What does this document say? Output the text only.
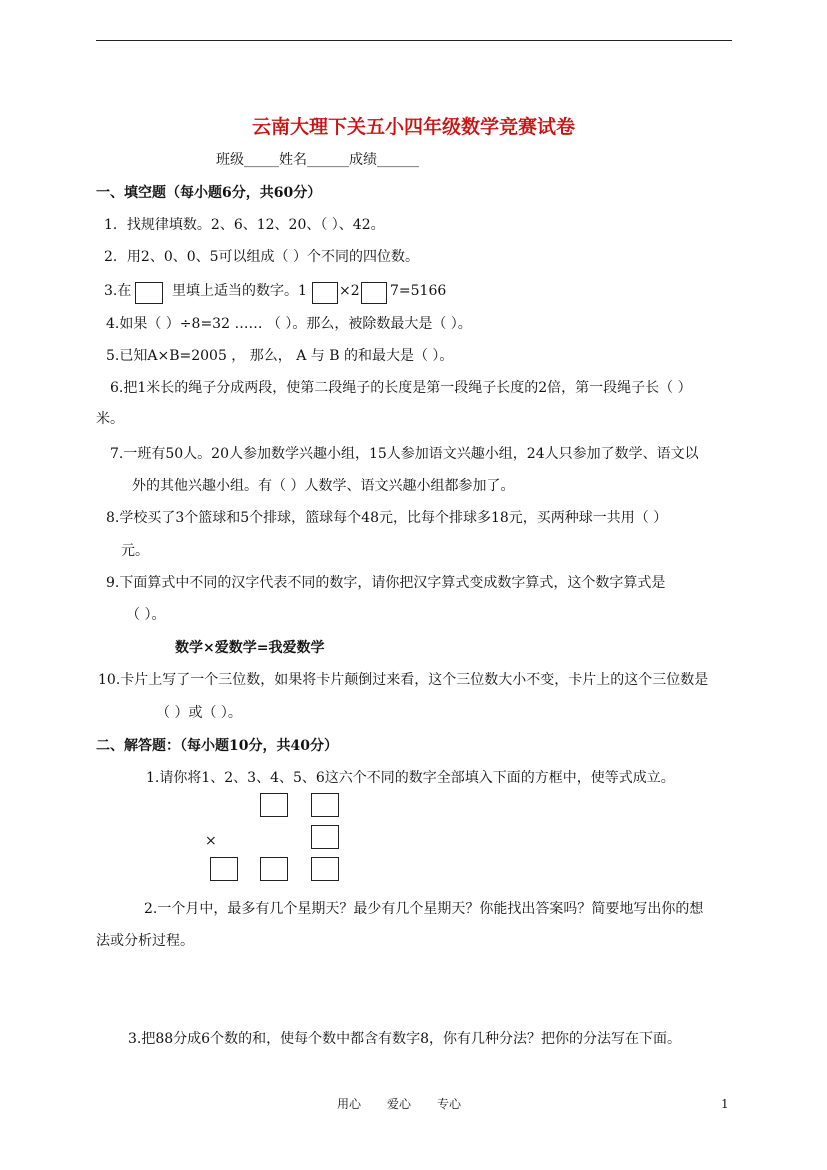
云南大理下关五小四年级数学竞赛试卷
班级_____姓名______成绩______
一、填空题（每小题6分，共60分）
1．找规律填数。2、6、12、20、（ ）、42。
2．用2、0、0、5可以组成（ ）个不同的四位数。
3.在	里填上适当的数字。1 ×2 7=5166
4.如果（ ）÷8=32 …… （ ）。那么，被除数最大是（ ）。
5.已知A×B=2005 ， 那么， A 与 B 的和最大是（ ）。
6.把1米长的绳子分成两段，使第二段绳子的长度是第一段绳子长度的2倍，第一段绳子长（ ）
米。
7.一班有50人。20人参加数学兴趣小组，15人参加语文兴趣小组，24人只参加了数学、语文以
外的其他兴趣小组。有（ ）人数学、语文兴趣小组都参加了。
8.学校买了3个篮球和5个排球，篮球每个48元，比每个排球多18元，买两种球一共用（ ）
元。
9.下面算式中不同的汉字代表不同的数字，请你把汉字算式变成数字算式，这个数字算式是
（ ）。
数学×爱数学=我爱数学
10.卡片上写了一个三位数，如果将卡片颠倒过来看，这个三位数大小不变，卡片上的这个三位数是
（ ）或（ ）。
二、解答题：（每小题10分，共40分）
1.请你将1、2、3、4、5、6这六个不同的数字全部填入下面的方框中，使等式成立。
×
2.一个月中，最多有几个星期天？最少有几个星期天？你能找出答案吗？简要地写出你的想
法或分析过程。
3.把88分成6个数的和，使每个数中都含有数字8，你有几种分法？把你的分法写在下面。
用心 爱心 专心	1
